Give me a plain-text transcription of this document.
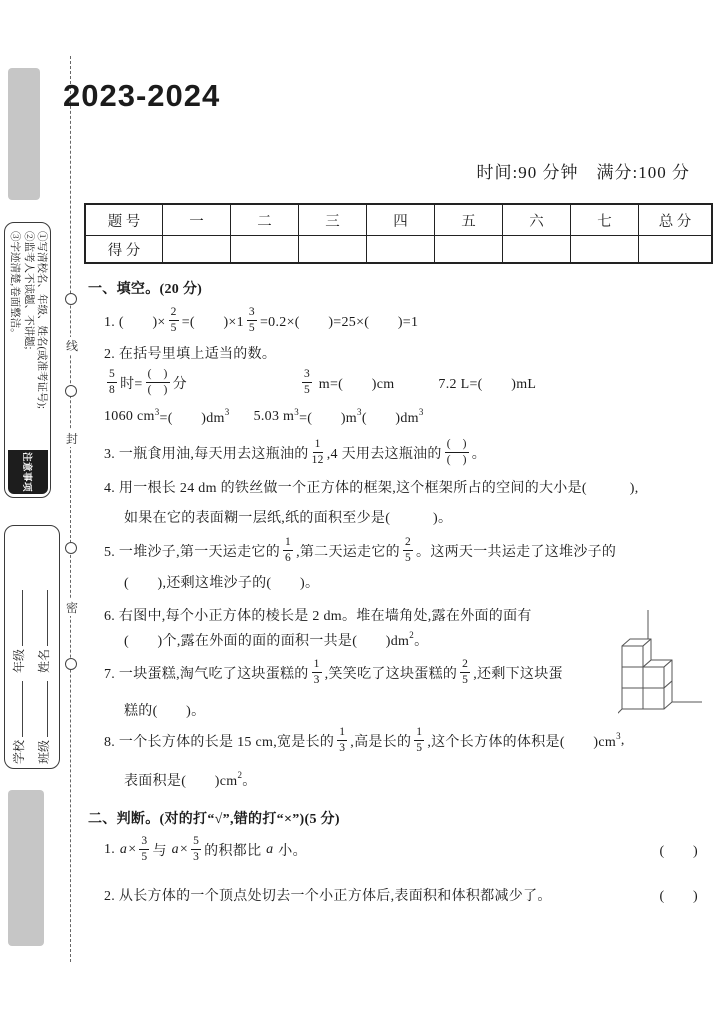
线
封
密
①写清校名、年级、姓名(或准考证号);
②监考人不读题、不讲题;
③字迹清楚,卷面整洁。
注意事项
学校年级
班级姓名
2023-2024
时间:90 分钟　满分:100 分
题 号	一	二	三	四	五	六	七	总 分
得 分								
一、填空。(20 分)
1. (　　)× $\frac{2}{5}$ =(　　)$\times 1 \frac{3}{5} =0.2\times$(　　)=25×(　　)=1
2. 在括号里填上适当的数。
5
8 时=
(　)
(　) 分
3
5 m=(　　)cm	7.2 L=(　　)mL
1060 cm 3 =(　　)dm 3 5.03 m 3 =(　　)m 3 (　　)dm 3
3. 一瓶食用油,每天用去这瓶油的
1
12 ,4 天用去这瓶油的
(　)
(　) 。
4. 用一根长 24 dm 的铁丝做一个正方体的框架,这个框架所占的空间的大小是(　　　),
如果在它的表面糊一层纸,纸的面积至少是(　　　)。
5. 一堆沙子,第一天运走它的
1
6 ,第二天运走它的
2
5 。这两天一共运走了这堆沙子的
(　　),还剩这堆沙子的(　　)。
6. 右图中,每个小正方体的棱长是 2 dm。堆在墙角处,露在外面的面有
(　　)个,露在外面的面的面积一共是(　　)dm 2 。
7. 一块蛋糕,淘气吃了这块蛋糕的
1
3 ,笑笑吃了这块蛋糕的
2
5 ,还剩下这块蛋
糕的(　　)。
8. 一个长方体的长是 15 cm,宽是长的
1
3 ,高是长的
1
5 ,这个长方体的体积是(　　)cm 3 ,
表面积是(　　)cm 2 。
二、判断。(对的打“√”,错的打“×”)(5 分)
1. $a \times \frac{3}{5}$ 与 $a \times \frac{5}{3}$ 的积都比 a 小。	(　　)
2. 从长方体的一个顶点处切去一个小正方体后,表面积和体积都减少了。	(　　)
